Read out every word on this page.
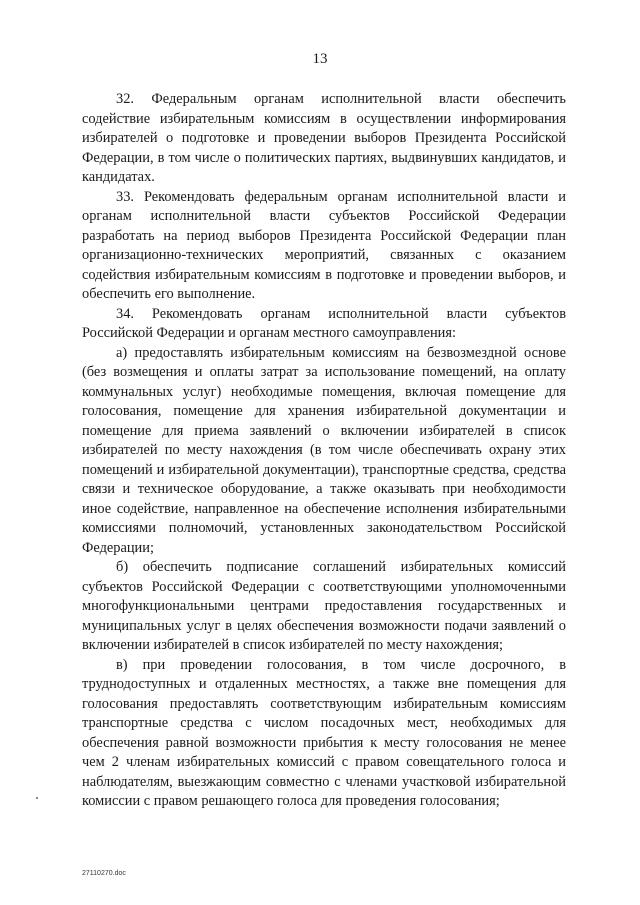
13

32. Федеральным органам исполнительной власти обеспечить содействие избирательным комиссиям в осуществлении информирования избирателей о подготовке и проведении выборов Президента Российской Федерации, в том числе о политических партиях, выдвинувших кандидатов, и кандидатах.

33. Рекомендовать федеральным органам исполнительной власти и органам исполнительной власти субъектов Российской Федерации разработать на период выборов Президента Российской Федерации план организационно-технических мероприятий, связанных с оказанием содействия избирательным комиссиям в подготовке и проведении выборов, и обеспечить его выполнение.

34. Рекомендовать органам исполнительной власти субъектов Российской Федерации и органам местного самоуправления:

а) предоставлять избирательным комиссиям на безвозмездной основе (без возмещения и оплаты затрат за использование помещений, на оплату коммунальных услуг) необходимые помещения, включая помещение для голосования, помещение для хранения избирательной документации и помещение для приема заявлений о включении избирателей в список избирателей по месту нахождения (в том числе обеспечивать охрану этих помещений и избирательной документации), транспортные средства, средства связи и техническое оборудование, а также оказывать при необходимости иное содействие, направленное на обеспечение исполнения избирательными комиссиями полномочий, установленных законодательством Российской Федерации;

б) обеспечить подписание соглашений избирательных комиссий субъектов Российской Федерации с соответствующими уполномоченными многофункциональными центрами предоставления государственных и муниципальных услуг в целях обеспечения возможности подачи заявлений о включении избирателей в список избирателей по месту нахождения;

в) при проведении голосования, в том числе досрочного, в труднодоступных и отдаленных местностях, а также вне помещения для голосования предоставлять соответствующим избирательным комиссиям транспортные средства с числом посадочных мест, необходимых для обеспечения равной возможности прибытия к месту голосования не менее чем 2 членам избирательных комиссий с правом совещательного голоса и наблюдателям, выезжающим совместно с членами участковой избирательной комиссии с правом решающего голоса для проведения голосования;

27110270.doc
